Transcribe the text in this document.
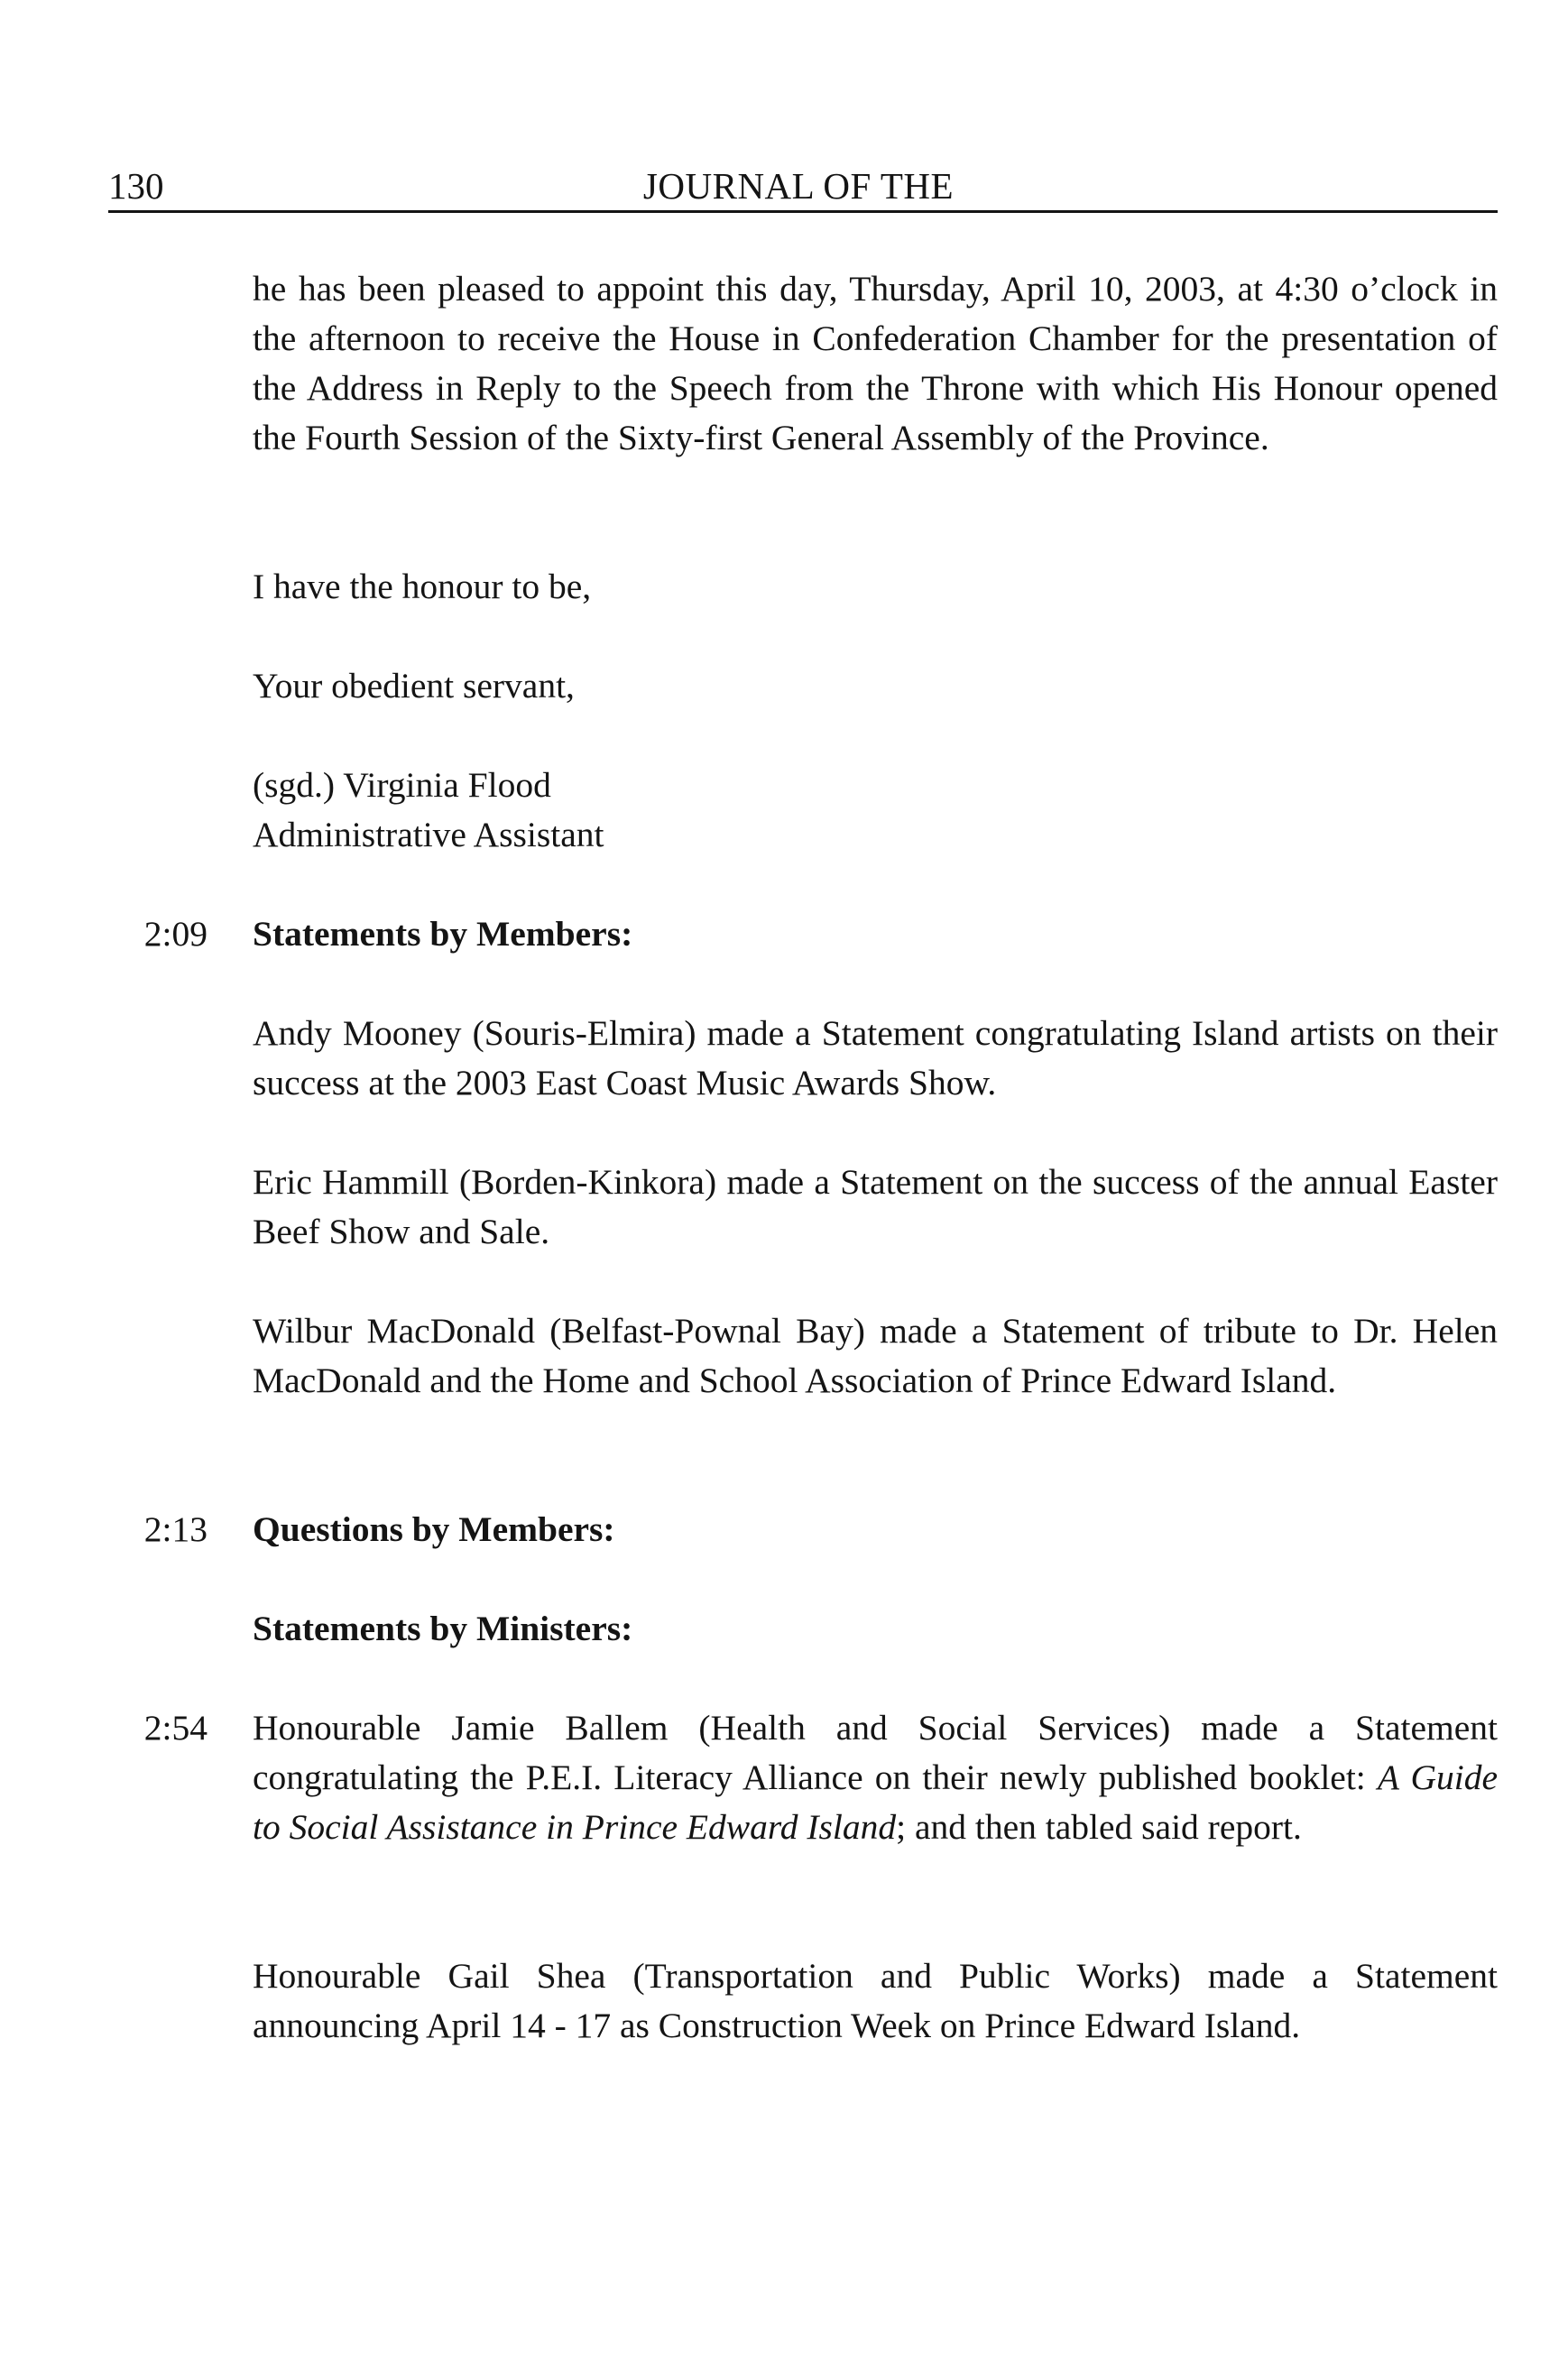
130	JOURNAL OF THE

he has been pleased to appoint this day, Thursday, April 10, 2003, at 4:30 o’clock in the afternoon to receive the House in Confederation Chamber for the presentation of the Address in Reply to the Speech from the Throne with which His Honour opened the Fourth Session of the Sixty-first General Assembly of the Province.

I have the honour to be,

Your obedient servant,

(sgd.) Virginia Flood

Administrative Assistant

2:09 Statements by Members:

Andy Mooney (Souris-Elmira) made a Statement congratulating Island artists on their success at the 2003 East Coast Music Awards Show.

Eric Hammill (Borden-Kinkora) made a Statement on the success of the annual Easter Beef Show and Sale.

Wilbur MacDonald (Belfast-Pownal Bay) made a Statement of tribute to Dr. Helen MacDonald and the Home and School Association of Prince Edward Island.

2:13 Questions by Members:

Statements by Ministers:

2:54 Honourable Jamie Ballem (Health and Social Services) made a Statement congratulating the P.E.I. Literacy Alliance on their newly published booklet: A Guide to Social Assistance in Prince Edward Island; and then tabled said report.

Honourable Gail Shea (Transportation and Public Works) made a Statement announcing April 14 - 17 as Construction Week on Prince Edward Island.
